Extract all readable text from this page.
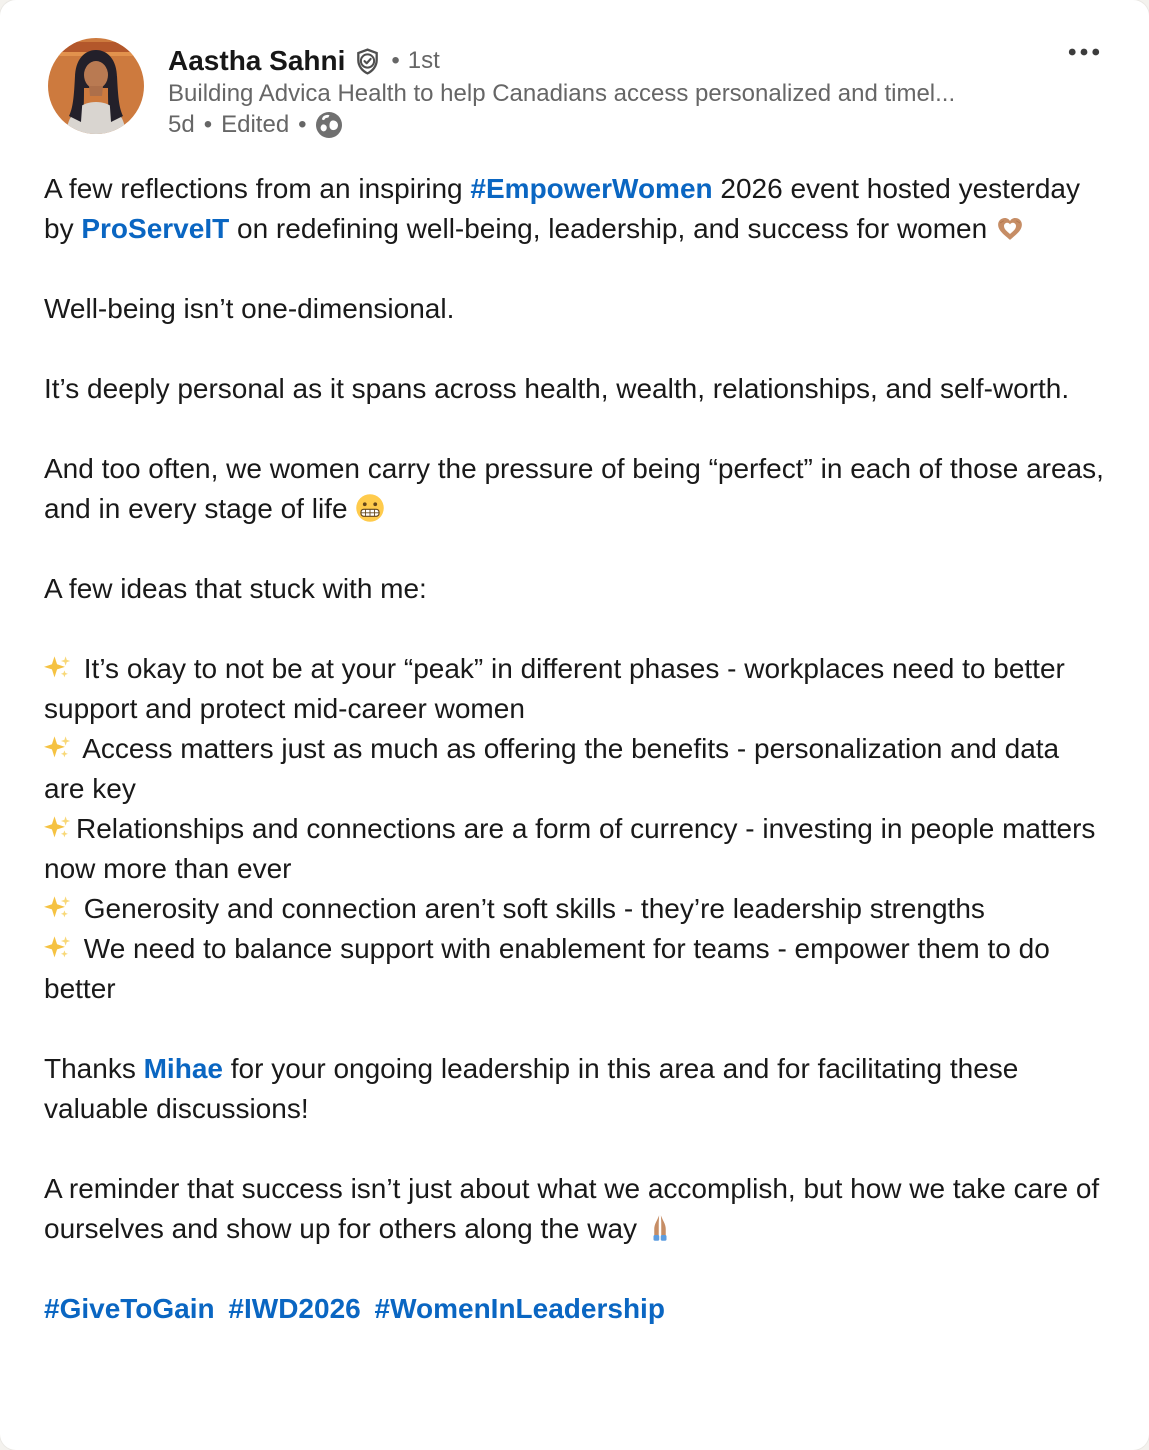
Aastha Sahni • 1st
Building Advica Health to help Canadians access personalized and timel...
5d • Edited •

A few reflections from an inspiring #EmpowerWomen 2026 event hosted yesterday by ProServeIT on redefining well-being, leadership, and success for women

Well-being isn’t one-dimensional.

It’s deeply personal as it spans across health, wealth, relationships, and self-worth.

And too often, we women carry the pressure of being “perfect” in each of those areas, and in every stage of life

A few ideas that stuck with me:

It’s okay to not be at your “peak” in different phases - workplaces need to better support and protect mid-career women

Access matters just as much as offering the benefits - personalization and data are key

Relationships and connections are a form of currency - investing in people matters now more than ever

Generosity and connection aren’t soft skills - they’re leadership strengths

We need to balance support with enablement for teams - empower them to do better

Thanks Mihae for your ongoing leadership in this area and for facilitating these valuable discussions!

A reminder that success isn’t just about what we accomplish, but how we take care of ourselves and show up for others along the way

#GiveToGain #IWD2026 #WomenInLeadership
